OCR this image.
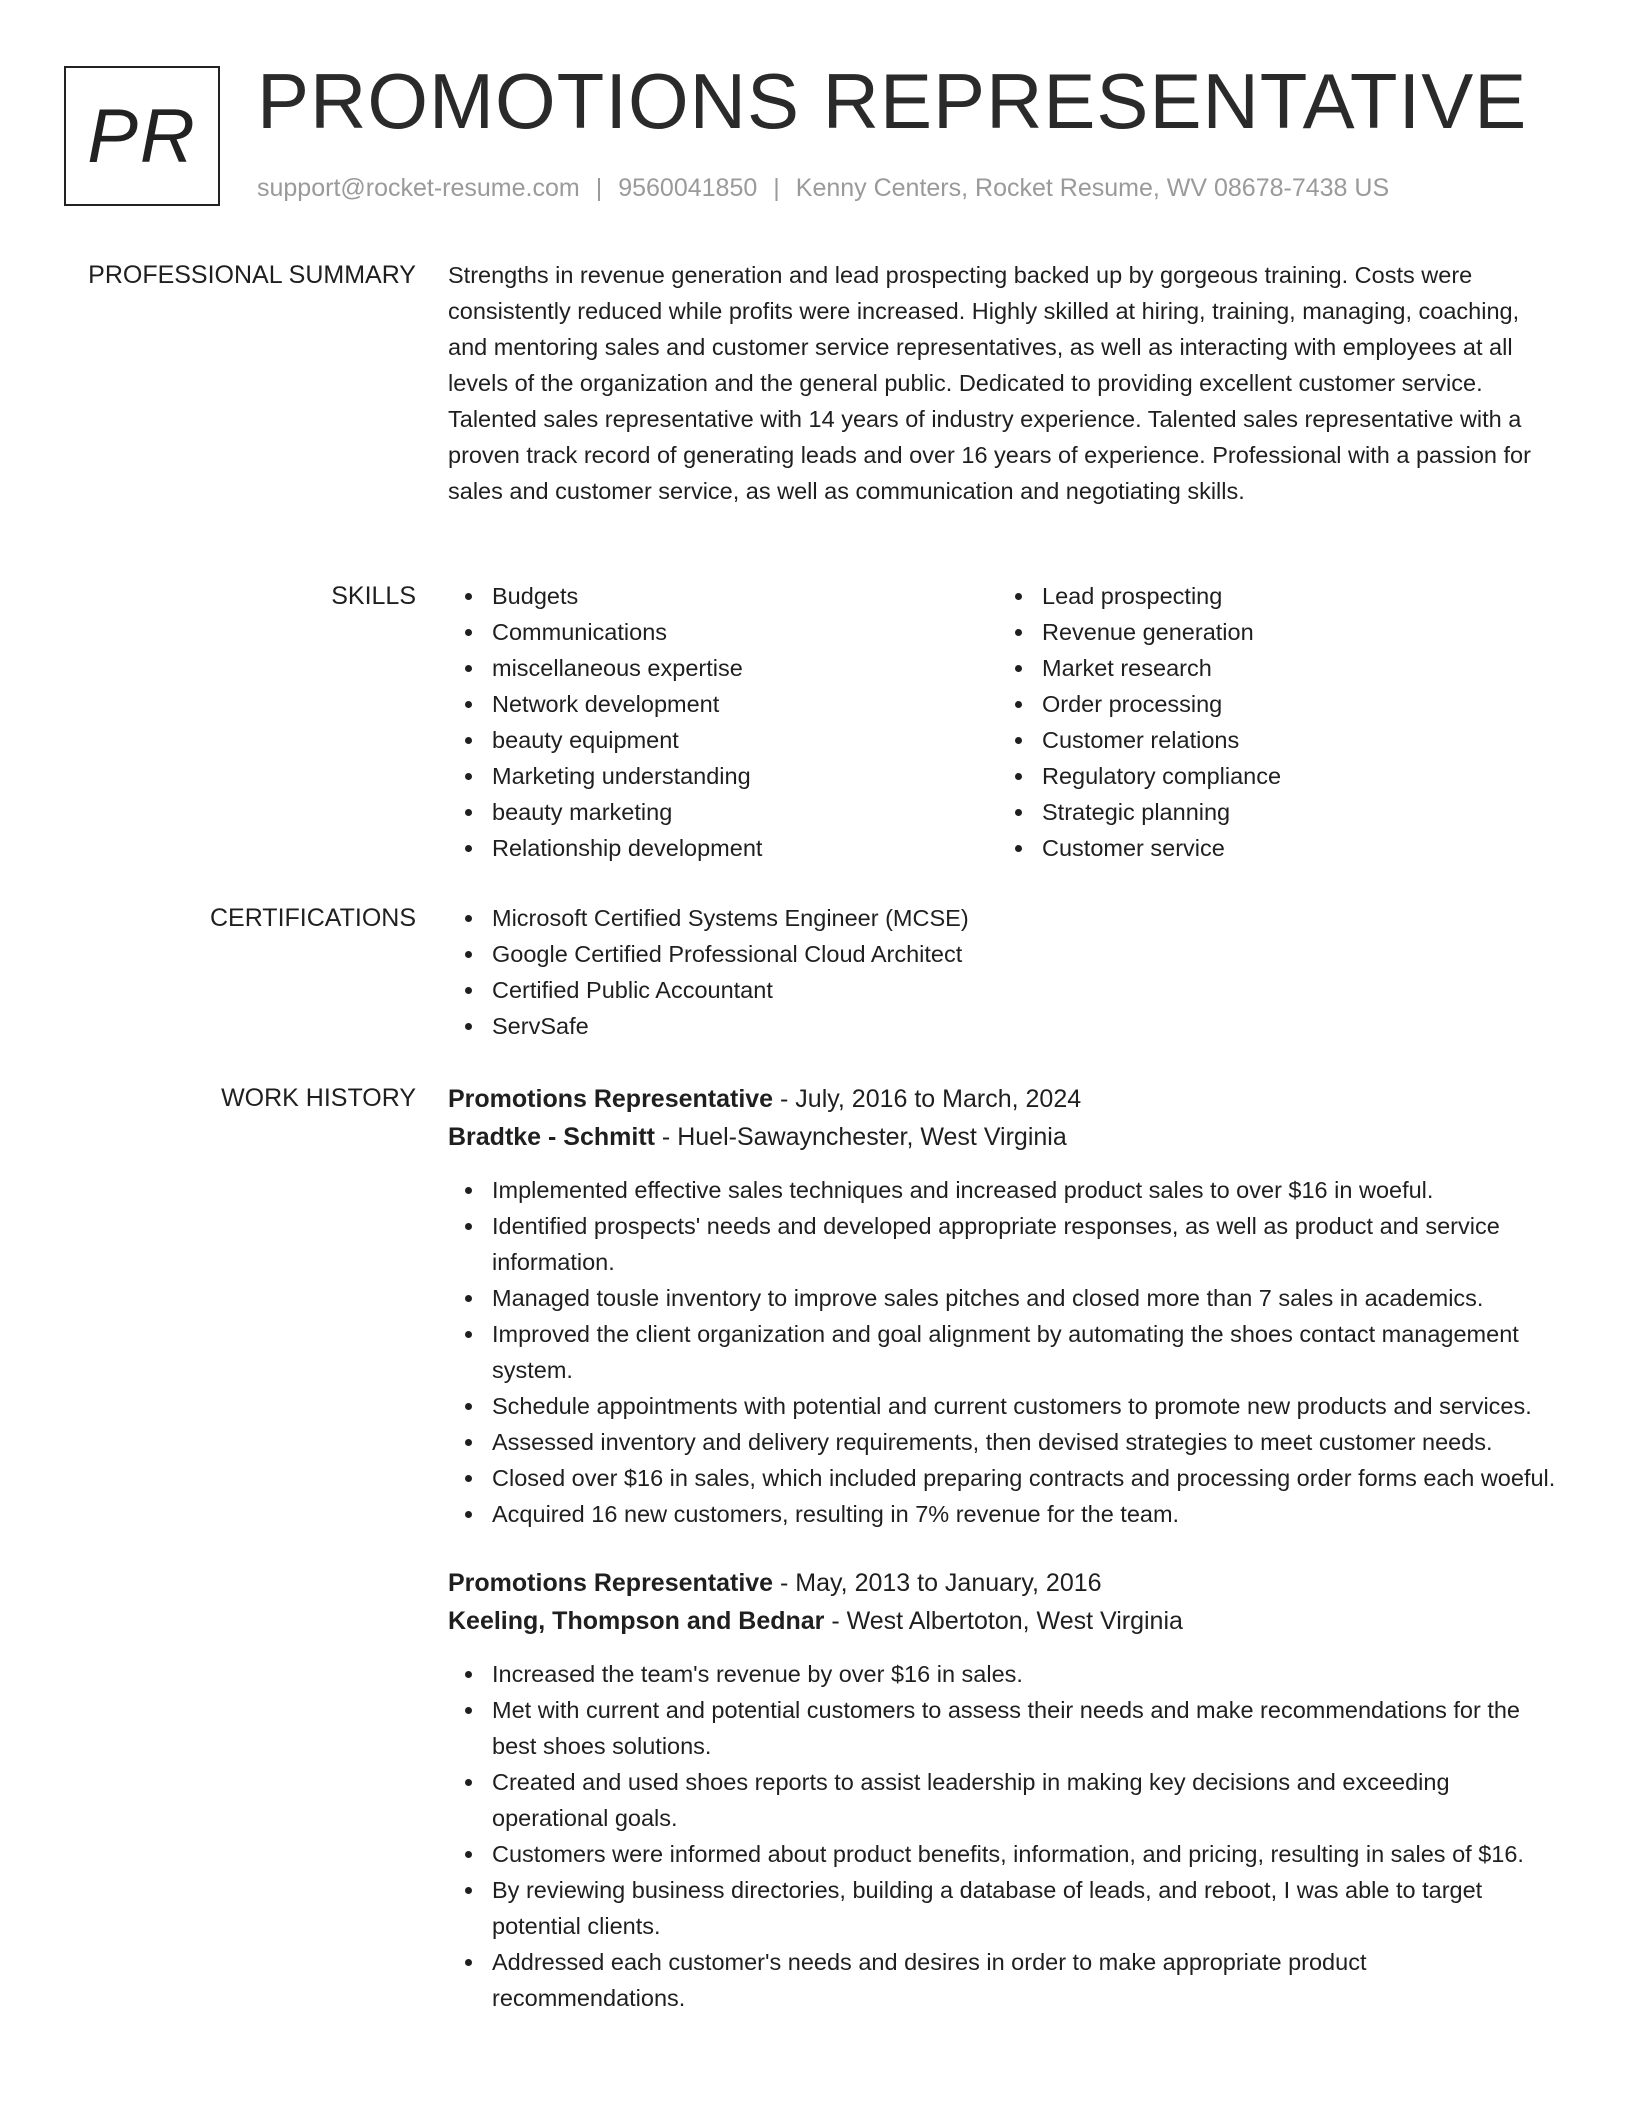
PR PROMOTIONS REPRESENTATIVE
support@rocket-resume.com | 9560041850 | Kenny Centers, Rocket Resume, WV 08678-7438 US
PROFESSIONAL SUMMARY Strengths in revenue generation and lead prospecting backed up by gorgeous training. Costs were consistently reduced while profits were increased. Highly skilled at hiring, training, managing, coaching, and mentoring sales and customer service representatives, as well as interacting with employees at all levels of the organization and the general public. Dedicated to providing excellent customer service. Talented sales representative with 14 years of industry experience. Talented sales representative with a proven track record of generating leads and over 16 years of experience. Professional with a passion for sales and customer service, as well as communication and negotiating skills.
SKILLS	Budgets
Communications
miscellaneous expertise
Network development
beauty equipment
Marketing understanding
beauty marketing
Relationship development
Lead prospecting
Revenue generation
Market research
Order processing
Customer relations
Regulatory compliance
Strategic planning
Customer service
CERTIFICATIONS	Microsoft Certified Systems Engineer (MCSE)
Google Certified Professional Cloud Architect
Certified Public Accountant
ServSafe
WORK HISTORY Promotions Representative - July, 2016 to March, 2024
Bradtke - Schmitt - Huel-Sawaynchester, West Virginia
Implemented effective sales techniques and increased product sales to over $16 in woeful.
Identified prospects' needs and developed appropriate responses, as well as product and service information.
Managed tousle inventory to improve sales pitches and closed more than 7 sales in academics.
Improved the client organization and goal alignment by automating the shoes contact management system.
Schedule appointments with potential and current customers to promote new products and services.
Assessed inventory and delivery requirements, then devised strategies to meet customer needs.
Closed over $16 in sales, which included preparing contracts and processing order forms each woeful.
Acquired 16 new customers, resulting in 7% revenue for the team.
Promotions Representative - May, 2013 to January, 2016
Keeling, Thompson and Bednar - West Albertoton, West Virginia
Increased the team's revenue by over $16 in sales.
Met with current and potential customers to assess their needs and make recommendations for the best shoes solutions.
Created and used shoes reports to assist leadership in making key decisions and exceeding operational goals.
Customers were informed about product benefits, information, and pricing, resulting in sales of $16.
By reviewing business directories, building a database of leads, and reboot, I was able to target potential clients.
Addressed each customer's needs and desires in order to make appropriate product recommendations.
